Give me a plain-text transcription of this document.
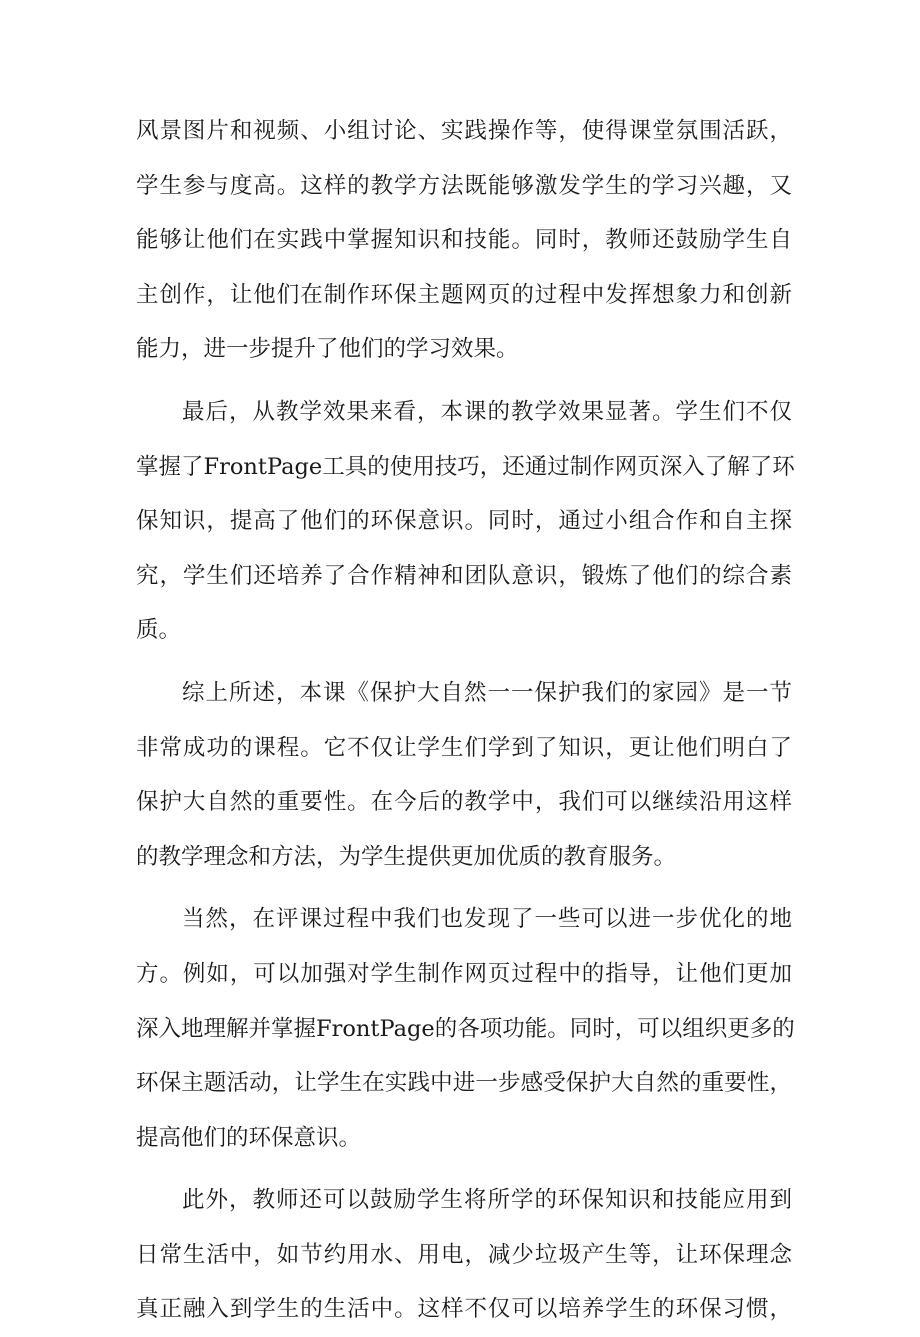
风景图片和视频、小组讨论、实践操作等，使得课堂氛围活跃，
学生参与度高。这样的教学方法既能够激发学生的学习兴趣，又
能够让他们在实践中掌握知识和技能。同时，教师还鼓励学生自
主创作，让他们在制作环保主题网页的过程中发挥想象力和创新
能力，进一步提升了他们的学习效果。
最后，从教学效果来看，本课的教学效果显著。学生们不仅
掌握了FrontPage工具的使用技巧，还通过制作网页深入了解了环
保知识，提高了他们的环保意识。同时，通过小组合作和自主探
究，学生们还培养了合作精神和团队意识，锻炼了他们的综合素
质。
综上所述，本课《保护大自然一一保护我们的家园》是一节
非常成功的课程。它不仅让学生们学到了知识，更让他们明白了
保护大自然的重要性。在今后的教学中，我们可以继续沿用这样
的教学理念和方法，为学生提供更加优质的教育服务。
当然，在评课过程中我们也发现了一些可以进一步优化的地
方。例如，可以加强对学生制作网页过程中的指导，让他们更加
深入地理解并掌握FrontPage的各项功能。同时，可以组织更多的
环保主题活动，让学生在实践中进一步感受保护大自然的重要性，
提高他们的环保意识。
此外，教师还可以鼓励学生将所学的环保知识和技能应用到
日常生活中，如节约用水、用电，减少垃圾产生等，让环保理念
真正融入到学生的生活中。这样不仅可以培养学生的环保习惯，
